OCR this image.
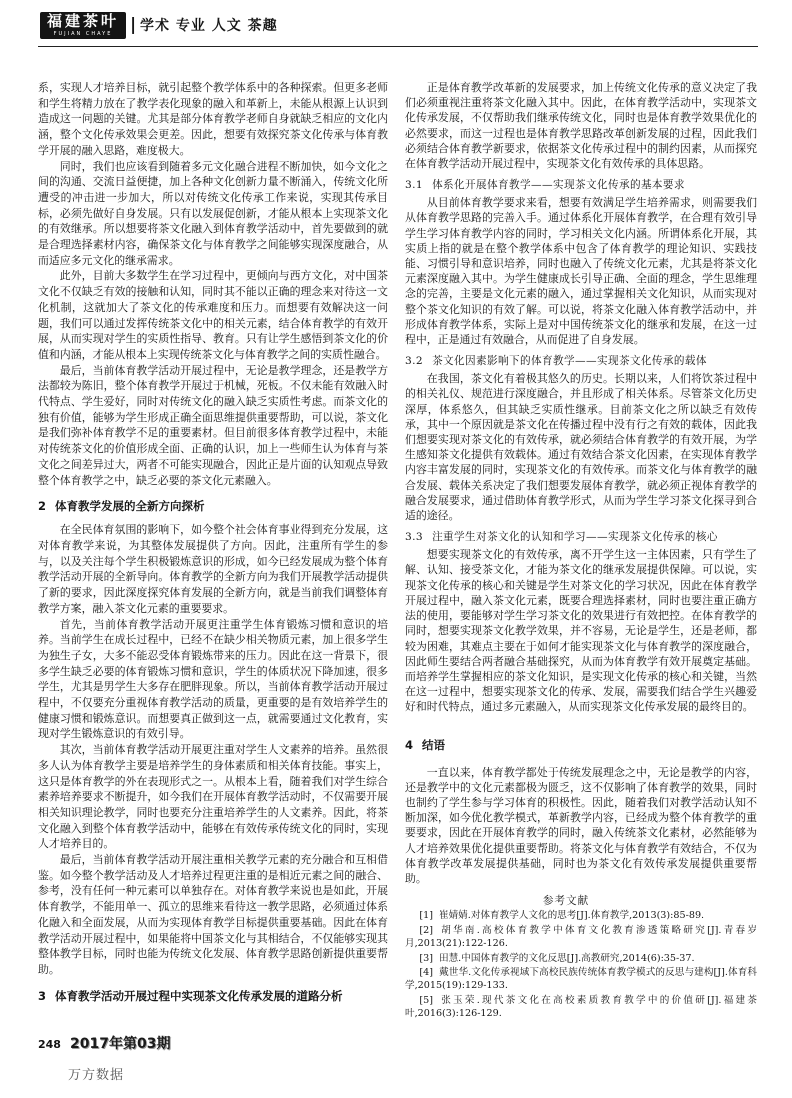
福建茶叶
FUJIAN CHAYE	| 学术 专业 人文 茶趣

系，实现人才培养目标，就引起整个教学体系中的各种探索。但更多老师和学生将精力放在了教学表化现象的融入和革新上，未能从根源上认识到造成这一问题的关键。尤其是部分体育教学老师自身就缺乏相应的文化内涵，整个文化传承效果会更差。因此，想要有效探究茶文化传承与体育教学开展的融入思路，难度极大。

同时，我们也应该看到随着多元文化融合进程不断加快，如今文化之间的沟通、交流日益便捷，加上各种文化创新力量不断涌入，传统文化所遭受的冲击进一步加大，所以对传统文化传承工作来说，实现其传承目标，必须先做好自身发展。只有以发展促创新，才能从根本上实现茶文化的有效继承。所以想要将茶文化融入到体育教学活动中，首先要做到的就是合理选择素材内容，确保茶文化与体育教学之间能够实现深度融合，从而适应多元文化的继承需求。

此外，目前大多数学生在学习过程中，更倾向与西方文化，对中国茶文化不仅缺乏有效的接触和认知，同时其不能以正确的理念来对待这一文化机制，这就加大了茶文化的传承难度和压力。而想要有效解决这一问题，我们可以通过发挥传统茶文化中的相关元素，结合体育教学的有效开展，从而实现对学生的实质性指导、教育。只有让学生感悟到茶文化的价值和内涵，才能从根本上实现传统茶文化与体育教学之间的实质性融合。

最后，当前体育教学活动开展过程中，无论是教学理念，还是教学方法都较为陈旧，整个体育教学开展过于机械，死板。不仅未能有效融入时代特点、学生爱好，同时对传统文化的融入缺乏实质性考虑。而茶文化的独有价值，能够为学生形成正确全面思维提供重要帮助，可以说，茶文化是我们弥补体育教学不足的重要素材。但目前很多体育教学过程中，未能对传统茶文化的价值形成全面、正确的认识，加上一些师生认为体育与茶文化之间差异过大，两者不可能实现融合，因此正是片面的认知观点导致整个体育教学之中，缺乏必要的茶文化元素融入。

2 体育教学发展的全新方向探析

在全民体育氛围的影响下，如今整个社会体育事业得到充分发展，这对体育教学来说，为其整体发展提供了方向。因此，注重所有学生的参与，以及关注每个学生积极锻炼意识的形成，如今已经发展成为整个体育教学活动开展的全新导向。体育教学的全新方向为我们开展教学活动提供了新的要求，因此深度探究体育发展的全新方向，就是当前我们调整体育教学方案，融入茶文化元素的重要要求。

首先，当前体育教学活动开展更注重学生体育锻炼习惯和意识的培养。当前学生在成长过程中，已经不在缺少相关物质元素，加上很多学生为独生子女，大多不能忍受体育锻炼带来的压力。因此在这一背景下，很多学生缺乏必要的体育锻炼习惯和意识，学生的体质状况下降加速，很多学生，尤其是男学生大多存在肥胖现象。所以，当前体育教学活动开展过程中，不仅要充分重视体育教学活动的质量，更重要的是有效培养学生的健康习惯和锻炼意识。而想要真正做到这一点，就需要通过文化教育，实现对学生锻炼意识的有效引导。

其次，当前体育教学活动开展更注重对学生人文素养的培养。虽然很多人认为体育教学主要是培养学生的身体素质和相关体育技能。事实上，这只是体育教学的外在表现形式之一。从根本上看，随着我们对学生综合素养培养要求不断提升，如今我们在开展体育教学活动时，不仅需要开展相关知识理论教学，同时也要充分注重培养学生的人文素养。因此，将茶文化融入到整个体育教学活动中，能够在有效传承传统文化的同时，实现人才培养目的。

最后，当前体育教学活动开展注重相关教学元素的充分融合和互相借鉴。如今整个教学活动及人才培养过程更注重的是相近元素之间的融合、参考，没有任何一种元素可以单独存在。对体育教学来说也是如此，开展体育教学，不能用单一、孤立的思维来看待这一教学思路，必须通过体系化融入和全面发展，从而为实现体育教学目标提供重要基础。因此在体育教学活动开展过程中，如果能将中国茶文化与其相结合，不仅能够实现其整体教学目标，同时也能为传统文化发展、体育教学思路创新提供重要帮助。

3 体育教学活动开展过程中实现茶文化传承发展的道路分析

正是体育教学改革新的发展要求，加上传统文化传承的意义决定了我们必须重视注重将茶文化融入其中。因此，在体育教学活动中，实现茶文化传承发展，不仅帮助我们继承传统文化，同时也是体育教学效果优化的必然要求，而这一过程也是体育教学思路改革创新发展的过程，因此我们必须结合体育教学新要求，依据茶文化传承过程中的制约因素，从而探究在体育教学活动开展过程中，实现茶文化有效传承的具体思路。

3.1 体系化开展体育教学——实现茶文化传承的基本要求

从目前体育教学要求来看，想要有效满足学生培养需求，则需要我们从体育教学思路的完善入手。通过体系化开展体育教学，在合理有效引导学生学习体育教学内容的同时，学习相关文化内涵。所谓体系化开展，其实质上指的就是在整个教学体系中包含了体育教学的理论知识、实践技能、习惯引导和意识培养，同时也融入了传统文化元素，尤其是将茶文化元素深度融入其中。为学生健康成长引导正确、全面的理念，学生思维理念的完善，主要是文化元素的融入，通过掌握相关文化知识，从而实现对整个茶文化知识的有效了解。可以说，将茶文化融入体育教学活动中，并形成体育教学体系，实际上是对中国传统茶文化的继承和发展，在这一过程中，正是通过有效融合，从而促进了自身发展。

3.2 茶文化因素影响下的体育教学——实现茶文化传承的载体

在我国，茶文化有着极其悠久的历史。长期以来，人们将饮茶过程中的相关礼仪、规范进行深度融合，并且形成了相关体系。尽管茶文化历史深厚，体系悠久，但其缺乏实质性继承。目前茶文化之所以缺乏有效传承，其中一个原因就是茶文化在传播过程中没有行之有效的载体，因此我们想要实现对茶文化的有效传承，就必须结合体育教学的有效开展，为学生感知茶文化提供有效载体。通过有效结合茶文化因素，在实现体育教学内容丰富发展的同时，实现茶文化的有效传承。而茶文化与体育教学的融合发展、载体关系决定了我们想要发展体育教学，就必须正视体育教学的融合发展要求，通过借助体育教学形式，从而为学生学习茶文化探寻到合适的途径。

3.3 注重学生对茶文化的认知和学习——实现茶文化传承的核心

想要实现茶文化的有效传承，离不开学生这一主体因素，只有学生了解、认知、接受茶文化，才能为茶文化的继承发展提供保障。可以说，实现茶文化传承的核心和关键是学生对茶文化的学习状况，因此在体育教学开展过程中，融入茶文化元素，既要合理选择素材，同时也要注重正确方法的使用，要能够对学生学习茶文化的效果进行有效把控。在体育教学的同时，想要实现茶文化教学效果，并不容易，无论是学生，还是老师，都较为困难，其难点主要在于如何才能实现茶文化与体育教学的深度融合，因此师生要结合两者融合基础探究，从而为体育教学有效开展奠定基础。而培养学生掌握相应的茶文化知识，是实现文化传承的核心和关键，当然在这一过程中，想要实现茶文化的传承、发展，需要我们结合学生兴趣爱好和时代特点，通过多元素融入，从而实现茶文化传承发展的最终目的。

4 结语

一直以来，体育教学都处于传统发展理念之中，无论是教学的内容，还是教学中的文化元素都极为匮乏，这不仅影响了体育教学的效果，同时也制约了学生参与学习体育的积极性。因此，随着我们对教学活动认知不断加深，如今优化教学模式，革新教学内容，已经成为整个体育教学的重要要求，因此在开展体育教学的同时，融入传统茶文化素材，必然能够为人才培养效果优化提供重要帮助。将茶文化与体育教学有效结合，不仅为体育教学改革发展提供基础，同时也为茶文化有效传承发展提供重要帮助。

参考文献
[1] 崔婧婧.对体育教学人文化的思考[J].体育教学,2013(3):85-89.
[2] 胡华南.高校体育教学中体育文化教育渗透策略研究[J].青春岁月,2013(21):122-126.
[3] 田慧.中国体育教学的文化反思[J].高教研究,2014(6):35-37.
[4] 戴世华.文化传承视域下高校民族传统体育教学模式的反思与建构[J].体育科学,2015(19):129-133.
[5] 张玉荣.现代茶文化在高校素质教育教学中的价值研[J].福建茶叶,2016(3):126-129.
248 2017年第03期
万方数据
